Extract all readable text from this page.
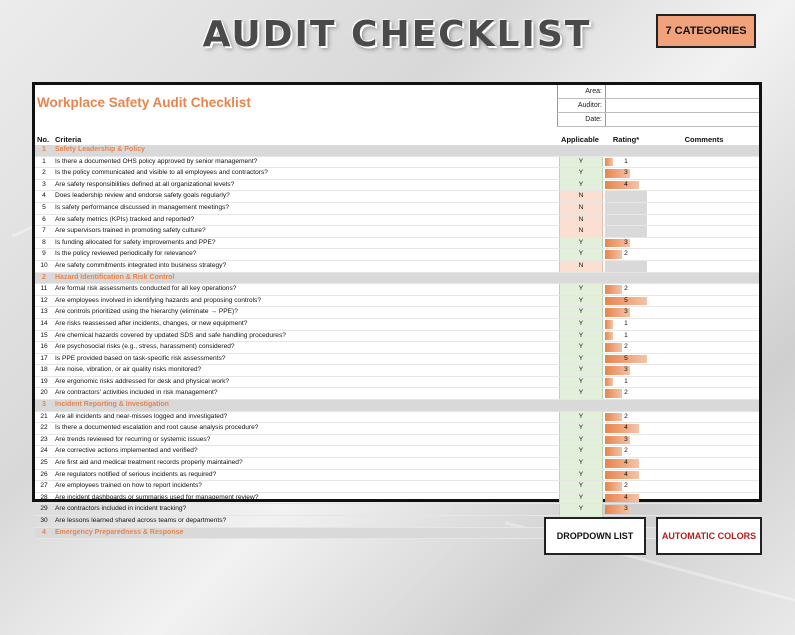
AUDIT CHECKLIST	7 CATEGORIES
Workplace Safety Audit Checklist
Area:
Auditor:
Date:
No. Criteria	Applicable	Rating*	Comments
1	Safety Leadership & Policy
1	Is there a documented OHS policy approved by senior management?	Y	1
2	Is the policy communicated and visible to all employees and contractors?	Y	3
3	Are safety responsibilities defined at all organizational levels?	Y	4
4	Does leadership review and endorse safety goals regularly?	N
5	Is safety performance discussed in management meetings?	N
6	Are safety metrics (KPIs) tracked and reported?	N
7	Are supervisors trained in promoting safety culture?	N
8	Is funding allocated for safety improvements and PPE?	Y	3
9	Is the policy reviewed periodically for relevance?	Y	2
10	Are safety commitments integrated into business strategy?	N
2	Hazard Identification & Risk Control
11	Are formal risk assessments conducted for all key operations?	Y	2
12	Are employees involved in identifying hazards and proposing controls?	Y	5
13	Are controls prioritized using the hierarchy (eliminate → PPE)?	Y	3
14	Are risks reassessed after incidents, changes, or new equipment?	Y	1
15	Are chemical hazards covered by updated SDS and safe handling procedures?	Y	1
16	Are psychosocial risks (e.g., stress, harassment) considered?	Y	2
17	Is PPE provided based on task-specific risk assessments?	Y	5
18	Are noise, vibration, or air quality risks monitored?	Y	3
19	Are ergonomic risks addressed for desk and physical work?	Y	1
20	Are contractors' activities included in risk management?	Y	2
3	Incident Reporting & Investigation
21	Are all incidents and near-misses logged and investigated?	Y	2
22	Is there a documented escalation and root cause analysis procedure?	Y	4
23	Are trends reviewed for recurring or systemic issues?	Y	3
24	Are corrective actions implemented and verified?	Y	2
25	Are first aid and medical treatment records properly maintained?	Y	4
26	Are regulators notified of serious incidents as required?	Y	4
27	Are employees trained on how to report incidents?	Y	2
28	Are incident dashboards or summaries used for management review?	Y	4
29	Are contractors included in incident tracking?	Y	3
30	Are lessons learned shared across teams or departments?
4	Emergency Preparedness & Response	DROPDOWN LIST	AUTOMATIC COLORS
